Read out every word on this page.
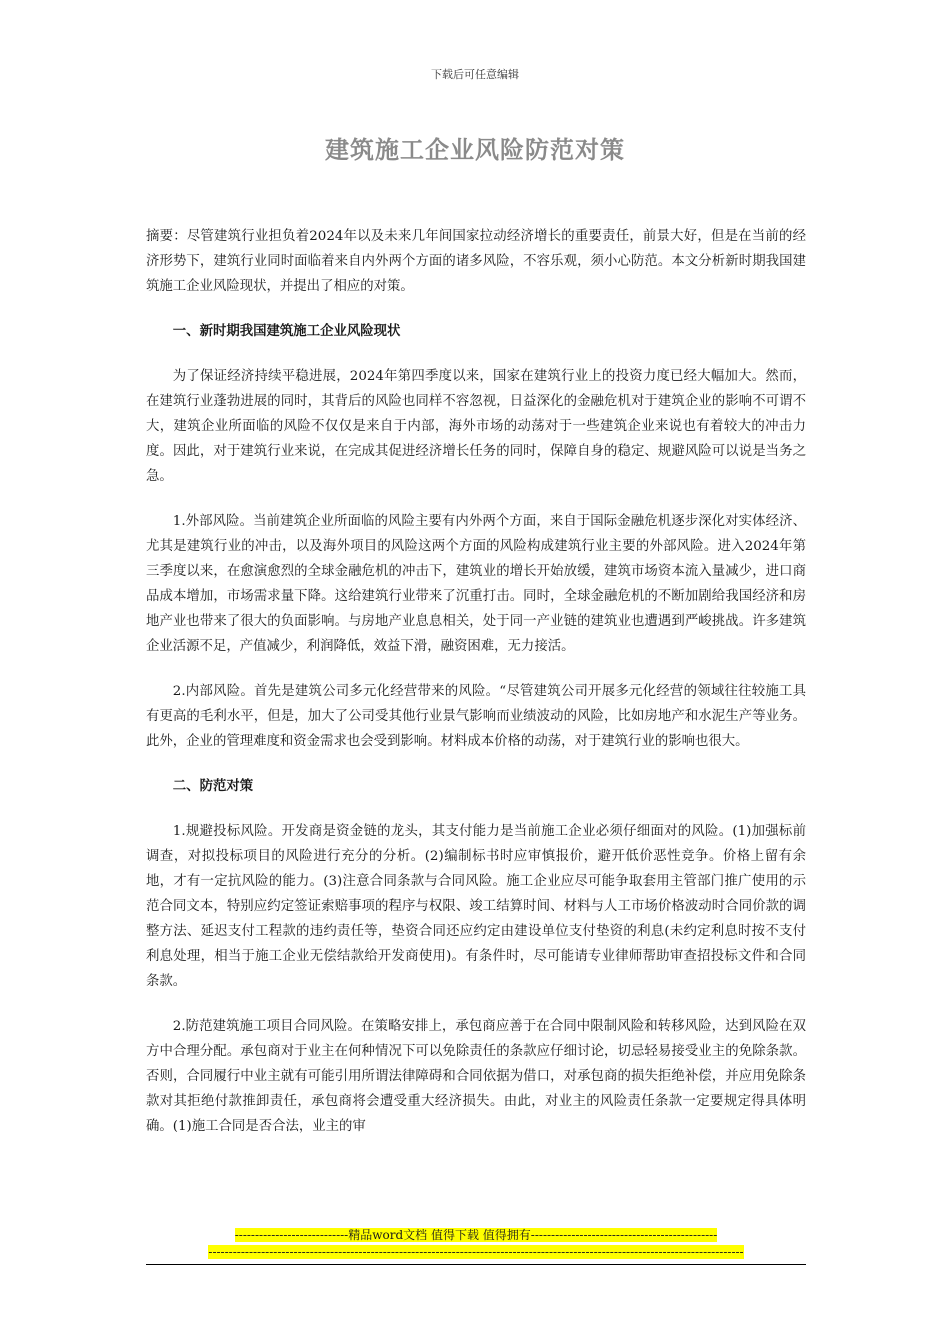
下载后可任意编辑
建筑施工企业风险防范对策

摘要：尽管建筑行业担负着2024年以及未来几年间国家拉动经济增长的重要责任，前景大好，但是在当前的经济形势下，建筑行业同时面临着来自内外两个方面的诸多风险，不容乐观，须小心防范。本文分析新时期我国建筑施工企业风险现状，并提出了相应的对策。

一、新时期我国建筑施工企业风险现状

为了保证经济持续平稳进展，2024年第四季度以来，国家在建筑行业上的投资力度已经大幅加大。然而，在建筑行业蓬勃进展的同时，其背后的风险也同样不容忽视，日益深化的金融危机对于建筑企业的影响不可谓不大，建筑企业所面临的风险不仅仅是来自于内部，海外市场的动荡对于一些建筑企业来说也有着较大的冲击力度。因此，对于建筑行业来说，在完成其促进经济增长任务的同时，保障自身的稳定、规避风险可以说是当务之急。

1.外部风险。当前建筑企业所面临的风险主要有内外两个方面，来自于国际金融危机逐步深化对实体经济、尤其是建筑行业的冲击，以及海外项目的风险这两个方面的风险构成建筑行业主要的外部风险。进入2024年第三季度以来，在愈演愈烈的全球金融危机的冲击下，建筑业的增长开始放缓，建筑市场资本流入量减少，进口商品成本增加，市场需求量下降。这给建筑行业带来了沉重打击。同时，全球金融危机的不断加剧给我国经济和房地产业也带来了很大的负面影响。与房地产业息息相关，处于同一产业链的建筑业也遭遇到严峻挑战。许多建筑企业活源不足，产值减少，利润降低，效益下滑，融资困难，无力接活。

2.内部风险。首先是建筑公司多元化经营带来的风险。“尽管建筑公司开展多元化经营的领域往往较施工具有更高的毛利水平，但是，加大了公司受其他行业景气影响而业绩波动的风险，比如房地产和水泥生产等业务。此外，企业的管理难度和资金需求也会受到影响。材料成本价格的动荡，对于建筑行业的影响也很大。

二、防范对策

1.规避投标风险。开发商是资金链的龙头，其支付能力是当前施工企业必须仔细面对的风险。(1)加强标前调查，对拟投标项目的风险进行充分的分析。(2)编制标书时应审慎报价，避开低价恶性竞争。价格上留有余地，才有一定抗风险的能力。(3)注意合同条款与合同风险。施工企业应尽可能争取套用主管部门推广使用的示范合同文本，特别应约定签证索赔事项的程序与权限、竣工结算时间、材料与人工市场价格波动时合同价款的调整方法、延迟支付工程款的违约责任等，垫资合同还应约定由建设单位支付垫资的利息(未约定利息时按不支付利息处理，相当于施工企业无偿结款给开发商使用)。有条件时，尽可能请专业律师帮助审查招投标文件和合同条款。

2.防范建筑施工项目合同风险。在策略安排上，承包商应善于在合同中限制风险和转移风险，达到风险在双方中合理分配。承包商对于业主在何种情况下可以免除责任的条款应仔细讨论，切忌轻易接受业主的免除条款。否则，合同履行中业主就有可能引用所谓法律障碍和合同依据为借口，对承包商的损失拒绝补偿，并应用免除条款对其拒绝付款推卸责任，承包商将会遭受重大经济损失。由此，对业主的风险责任条款一定要规定得具体明确。(1)施工合同是否合法，业主的审

----------------------------精品word文档 值得下载 值得拥有----------------------------------------------
------------------------------------------------------------------------------------------------------------------------------------
